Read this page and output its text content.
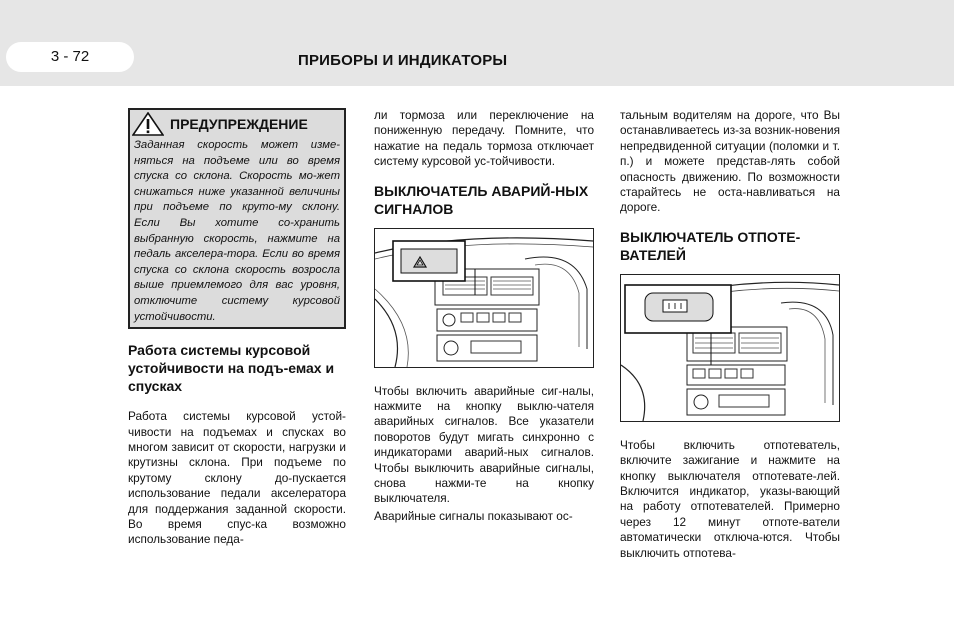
3 - 72	ПРИБОРЫ И ИНДИКАТОРЫ
ПРЕДУПРЕЖДЕНИЕ
Заданная скорость может изме-няться на подъеме или во время спуска со склона. Скорость мо-жет снижаться ниже указанной величины при подъеме по круто-му склону. Если Вы хотите со-хранить выбранную скорость, нажмите на педаль акселера-тора. Если во время спуска со склона скорость возросла выше приемлемого для вас уровня, отключите систему курсовой устойчивости.
Работа системы курсовой устойчивости на подъ-емах и спусках

Работа системы курсовой устой-чивости на подъемах и спусках во многом зависит от скорости, нагрузки и крутизны склона. При подъеме по крутому склону до-пускается использование педали акселератора для поддержания заданной скорости. Во время спус-ка возможно использование педа-

ли тормоза или переключение на пониженную передачу. Помните, что нажатие на педаль тормоза отключает систему курсовой ус-тойчивости.

ВЫКЛЮЧАТЕЛЬ АВАРИЙ-НЫХ СИГНАЛОВ

Чтобы включить аварийные сиг-налы, нажмите на кнопку выклю-чателя аварийных сигналов. Все указатели поворотов будут мигать синхронно с индикаторами аварий-ных сигналов. Чтобы выключить аварийные сигналы, снова нажми-те на кнопку выключателя.

Аварийные сигналы показывают ос-

тальным водителям на дороге, что Вы останавливаетесь из-за возник-новения непредвиденной ситуации (поломки и т. п.) и можете представ-лять собой опасность движению. По возможности старайтесь не оста-навливаться на дороге.

ВЫКЛЮЧАТЕЛЬ ОТПОТЕ-ВАТЕЛЕЙ

Чтобы включить отпотеватель, включите зажигание и нажмите на кнопку выключателя отпотевате-лей. Включится индикатор, указы-вающий на работу отпотевателей. Примерно через 12 минут отпоте-ватели автоматически отключа-ются. Чтобы выключить отпотева-
